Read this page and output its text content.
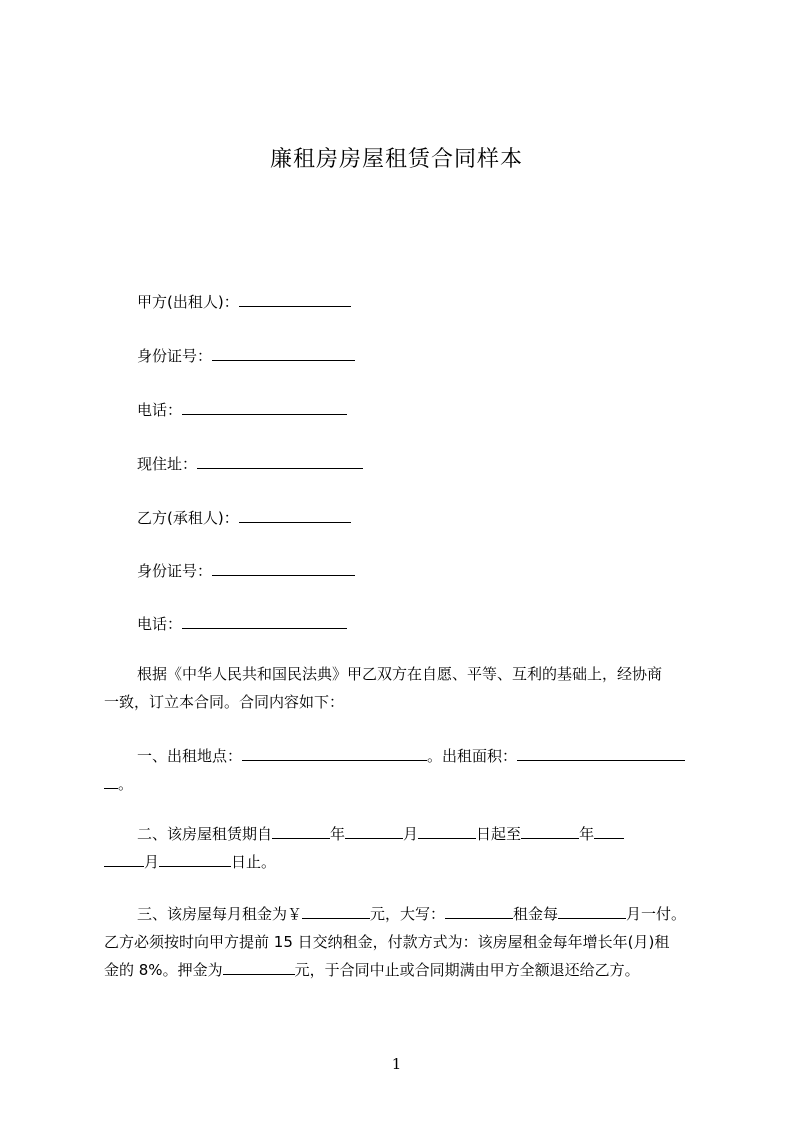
廉租房房屋租赁合同样本
甲方(出租人)：
身份证号：
电话：
现住址：
乙方(承租人)：
身份证号：
电话：
根据《中华人民共和国民法典》甲乙双方在自愿、平等、互利的基础上，经协商
一致，订立本合同。合同内容如下：
一、出租地点：	。出租面积：
。
二、该房屋租赁期自	年	月	日起至	年
月	日止。
三、该房屋每月租金为￥	元，大写：	租金每	月一付。
乙方必须按时向甲方提前 15 日交纳租金，付款方式为：该房屋租金每年增长年(月)租
金的 8%。押金为	元，于合同中止或合同期满由甲方全额退还给乙方。
1
